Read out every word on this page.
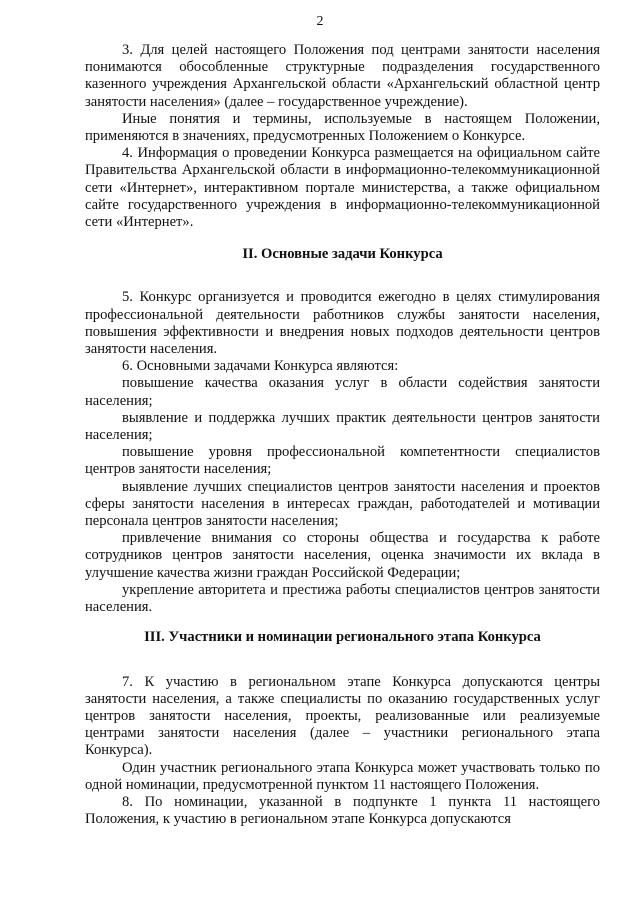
2

3. Для целей настоящего Положения под центрами занятости населения понимаются обособленные структурные подразделения государственного казенного учреждения Архангельской области «Архангельский областной центр занятости населения» (далее – государственное учреждение).

Иные понятия и термины, используемые в настоящем Положении, применяются в значениях, предусмотренных Положением о Конкурсе.

4. Информация о проведении Конкурса размещается на официальном сайте Правительства Архангельской области в информационно-телекоммуникационной сети «Интернет», интерактивном портале министерства, а также официальном сайте государственного учреждения в информационно-телекоммуникационной сети «Интернет».

II. Основные задачи Конкурса

5. Конкурс организуется и проводится ежегодно в целях стимулирования профессиональной деятельности работников службы занятости населения, повышения эффективности и внедрения новых подходов деятельности центров занятости населения.

6. Основными задачами Конкурса являются:

повышение качества оказания услуг в области содействия занятости населения;

выявление и поддержка лучших практик деятельности центров занятости населения;

повышение уровня профессиональной компетентности специалистов центров занятости населения;

выявление лучших специалистов центров занятости населения и проектов сферы занятости населения в интересах граждан, работодателей и мотивации персонала центров занятости населения;

привлечение внимания со стороны общества и государства к работе сотрудников центров занятости населения, оценка значимости их вклада в улучшение качества жизни граждан Российской Федерации;

укрепление авторитета и престижа работы специалистов центров занятости населения.

III. Участники и номинации регионального этапа Конкурса

7. К участию в региональном этапе Конкурса допускаются центры занятости населения, а также специалисты по оказанию государственных услуг центров занятости населения, проекты, реализованные или реализуемые центрами занятости населения (далее – участники регионального этапа Конкурса).

Один участник регионального этапа Конкурса может участвовать только по одной номинации, предусмотренной пунктом 11 настоящего Положения.

8. По номинации, указанной в подпункте 1 пункта 11 настоящего Положения, к участию в региональном этапе Конкурса допускаются
